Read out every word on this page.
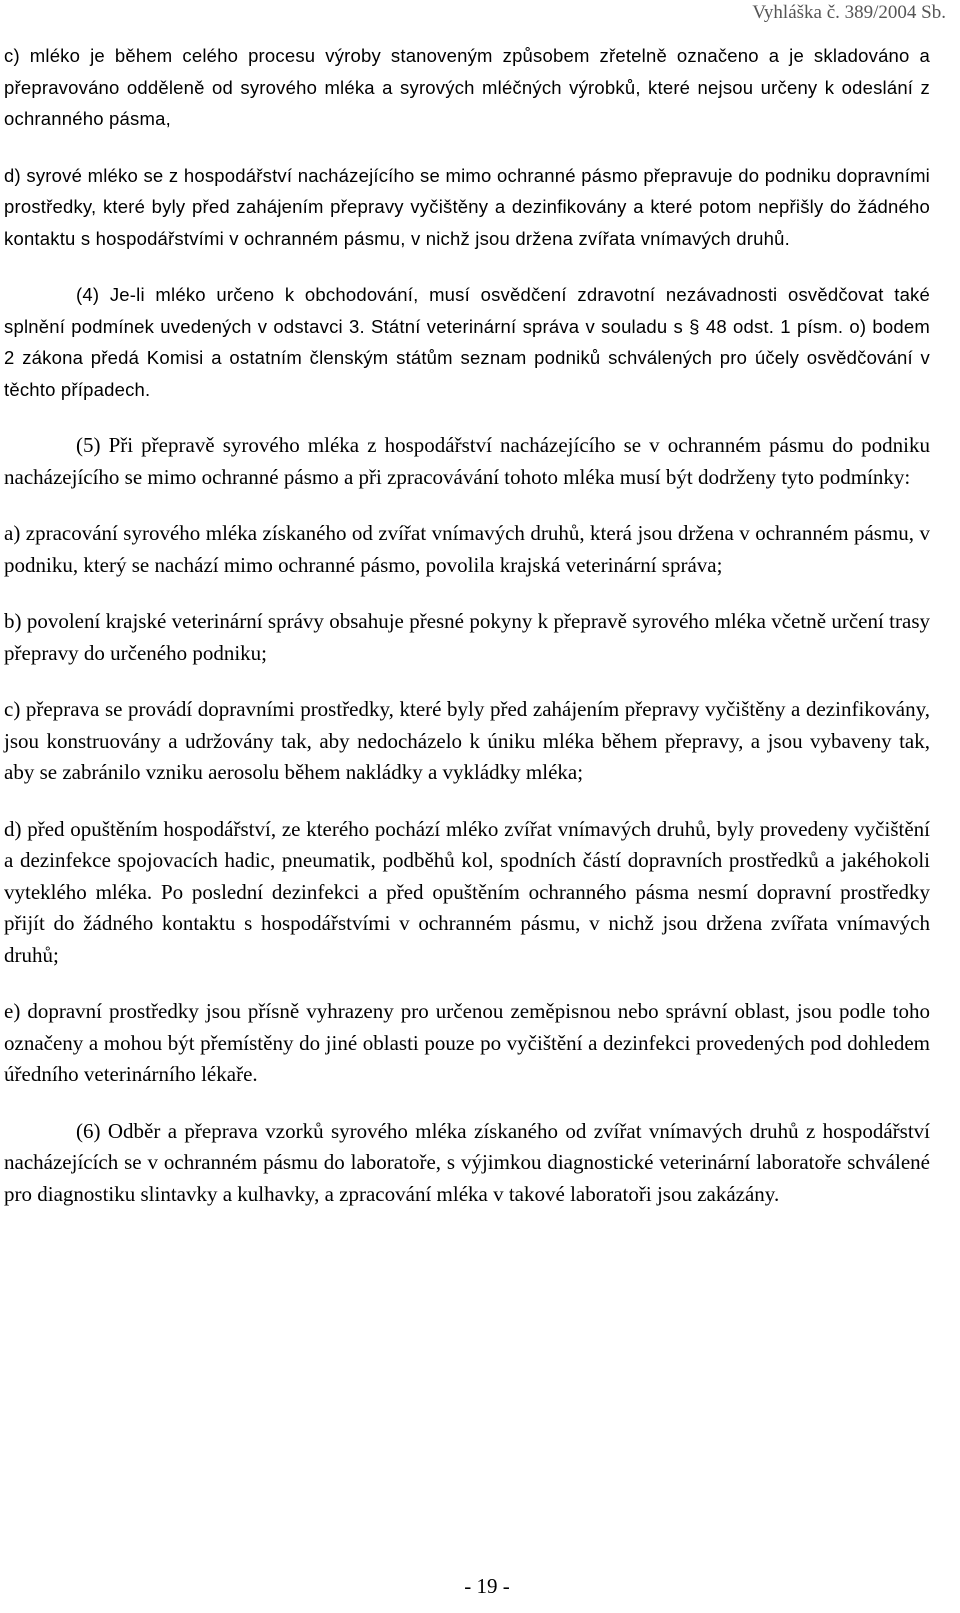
Vyhláška č. 389/2004 Sb.

c) mléko je během celého procesu výroby stanoveným způsobem zřetelně označeno a je skladováno a přepravováno odděleně od syrového mléka a syrových mléčných výrobků, které nejsou určeny k odeslání z ochranného pásma,

d) syrové mléko se z hospodářství nacházejícího se mimo ochranné pásmo přepravuje do podniku dopravními prostředky, které byly před zahájením přepravy vyčištěny a dezinfikovány a které potom nepřišly do žádného kontaktu s hospodářstvími v ochranném pásmu, v nichž jsou držena zvířata vnímavých druhů.

(4) Je-li mléko určeno k obchodování, musí osvědčení zdravotní nezávadnosti osvědčovat také splnění podmínek uvedených v odstavci 3. Státní veterinární správa v souladu s § 48 odst. 1 písm. o) bodem 2 zákona předá Komisi a ostatním členským státům seznam podniků schválených pro účely osvědčování v těchto případech.

(5) Při přepravě syrového mléka z hospodářství nacházejícího se v ochranném pásmu do podniku nacházejícího se mimo ochranné pásmo a při zpracovávání tohoto mléka musí být dodrženy tyto podmínky:

a) zpracování syrového mléka získaného od zvířat vnímavých druhů, která jsou držena v ochranném pásmu, v podniku, který se nachází mimo ochranné pásmo, povolila krajská veterinární správa;

b) povolení krajské veterinární správy obsahuje přesné pokyny k přepravě syrového mléka včetně určení trasy přepravy do určeného podniku;

c) přeprava se provádí dopravními prostředky, které byly před zahájením přepravy vyčištěny a dezinfikovány, jsou konstruovány a udržovány tak, aby nedocházelo k úniku mléka během přepravy, a jsou vybaveny tak, aby se zabránilo vzniku aerosolu během nakládky a vykládky mléka;

d) před opuštěním hospodářství, ze kterého pochází mléko zvířat vnímavých druhů, byly provedeny vyčištění a dezinfekce spojovacích hadic, pneumatik, podběhů kol, spodních částí dopravních prostředků a jakéhokoli vyteklého mléka. Po poslední dezinfekci a před opuštěním ochranného pásma nesmí dopravní prostředky přijít do žádného kontaktu s hospodářstvími v ochranném pásmu, v nichž jsou držena zvířata vnímavých druhů;

e) dopravní prostředky jsou přísně vyhrazeny pro určenou zeměpisnou nebo správní oblast, jsou podle toho označeny a mohou být přemístěny do jiné oblasti pouze po vyčištění a dezinfekci provedených pod dohledem úředního veterinárního lékaře.

(6) Odběr a přeprava vzorků syrového mléka získaného od zvířat vnímavých druhů z hospodářství nacházejících se v ochranném pásmu do laboratoře, s výjimkou diagnostické veterinární laboratoře schválené pro diagnostiku slintavky a kulhavky, a zpracování mléka v takové laboratoři jsou zakázány.

- 19 -
